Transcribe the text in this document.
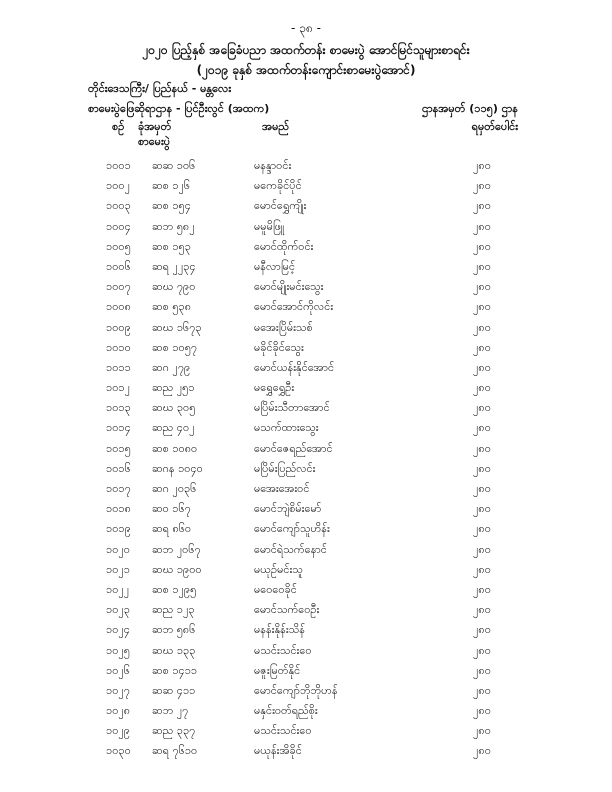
- ၃၈ -
၂၀၂၀ ပြည့်နှစ် အခြေခံပညာ အထက်တန်း စာမေးပွဲ အောင်မြင်သူများစာရင်း
(၂၀၁၉ ခုနှစ် အထက်တန်းကျောင်းစာမေးပွဲအောင်)
တိုင်းဒေသကြီး/ ပြည်နယ် - မန္တလေး
စာမေးပွဲဖြေဆိုရာဌာန - ပြင်ဦးလွင် (အထက)	ဌာနအမှတ် (၁၁၅) ဌာန
စဉ် ခုံအမှတ်
စာမေးပွဲ
အမည်	ရမှတ်ပေါင်း
၁၀၀၁ ဆဆ ၁၀၆	မနန္ဒာဝင်း	၂၈၀
၁၀၀၂ ဆစ ၁၂၆	မကေခိုင်ပိုင်	၂၈၀
၁၀၀၃ ဆစ ၁၅၄	မောင်ရွှေကျိုး	၂၈၀
၁၀၀၄ ဆဘ ၅၈၂	မမူမိဖြူ	၂၈၀
၁၀၀၅ ဆစ ၁၅၃	မောင်ထိုက်ဝင်း	၂၈၀
၁၀၀၆ ဆရ ၂၂၃၄	မနီလာမြင့်	၂၈၀
၁၀၀၇ ဆဃ ၇၉၀	မောင်မျိုးမင်းသွေး	၂၈၀
၁၀၀၈ ဆစ ၅၃၈	မောင်အောင်ကိုလင်း	၂၈၀
၁၀၀၉ ဆဃ ၁၆၇၃	မအေးပြိမ်းသစ်	၂၈၀
၁၀၁၀ ဆစ ၁၀၅၇	မခိုင်ခိုင်သွေး	၂၈၀
၁၀၁၁ ဆဂ ၂၇၉	မောင်ယန်းနိုင်အောင်	၂၈၀
၁၀၁၂ ဆည ၂၅၁	မရွှေရွှေဦး	၂၈၀
၁၀၁၃ ဆဃ ၃၀၅	မပြိမ်းသီတာအောင်	၂၈၀
၁၀၁၄ ဆည ၄၀၂	မသက်ထားသွေး	၂၈၀
၁၀၁၅ ဆစ ၁၀၈၀	မောင်ဇေရည်အောင်	၂၈၀
၁၀၁၆ ဆဂန ၁၀၄၀	မပြိမ်းပြည်လင်း	၂၈၀
၁၀၁၇ ဆဂ ၂၀၃၆	မအေးအေးဝင်	၂၈၀
၁၀၁၈ ဆဝ ၁၆၇	မောင်ဘျဲစိမ်းမော်	၂၈၀
၁၀၁၉ ဆရ ၈၆၀	မောင်ကျော်သူဟိန်း	၂၈၀
၁၀၂၀ ဆဘ ၂၀၆၇	မောင်ရဲသက်နောင်	၂၈၀
၁၀၂၁ ဆဃ ၁၉၀၀	မယုဉ်မင်းသူ	၂၈၀
၁၀၂၂ ဆစ ၁၂၉၅	မဝေဝေခိုင်	၂၈၀
၁၀၂၃ ဆည ၁၂၃	မောင်သက်ဝေဦး	၂၈၀
၁၀၂၄ ဆဘ ၅၈၆	မနန်းနိုန်းသိန်	၂၈၀
၁၀၂၅ ဆဃ ၁၃၃	မသင်းသင်းဝေ	၂၈၀
၁၀၂၆ ဆစ ၁၄၁၁	မဇူးမြတ်နိုင်	၂၈၀
၁၀၂၇ ဆဆ ၄၁၁	မောင်ကျော်ဘိုဘိုဟန်	၂၈၀
၁၀၂၈ ဆဘ ၂၇	မနှင်းဝတ်ရည်စိုး	၂၈၀
၁၀၂၉ ဆည ၃၃၇	မသင်းသင်းဝေ	၂၈၀
၁၀၃၀ ဆရ ၇၆၁၀	မယုန်းအိခိုင်	၂၈၀
